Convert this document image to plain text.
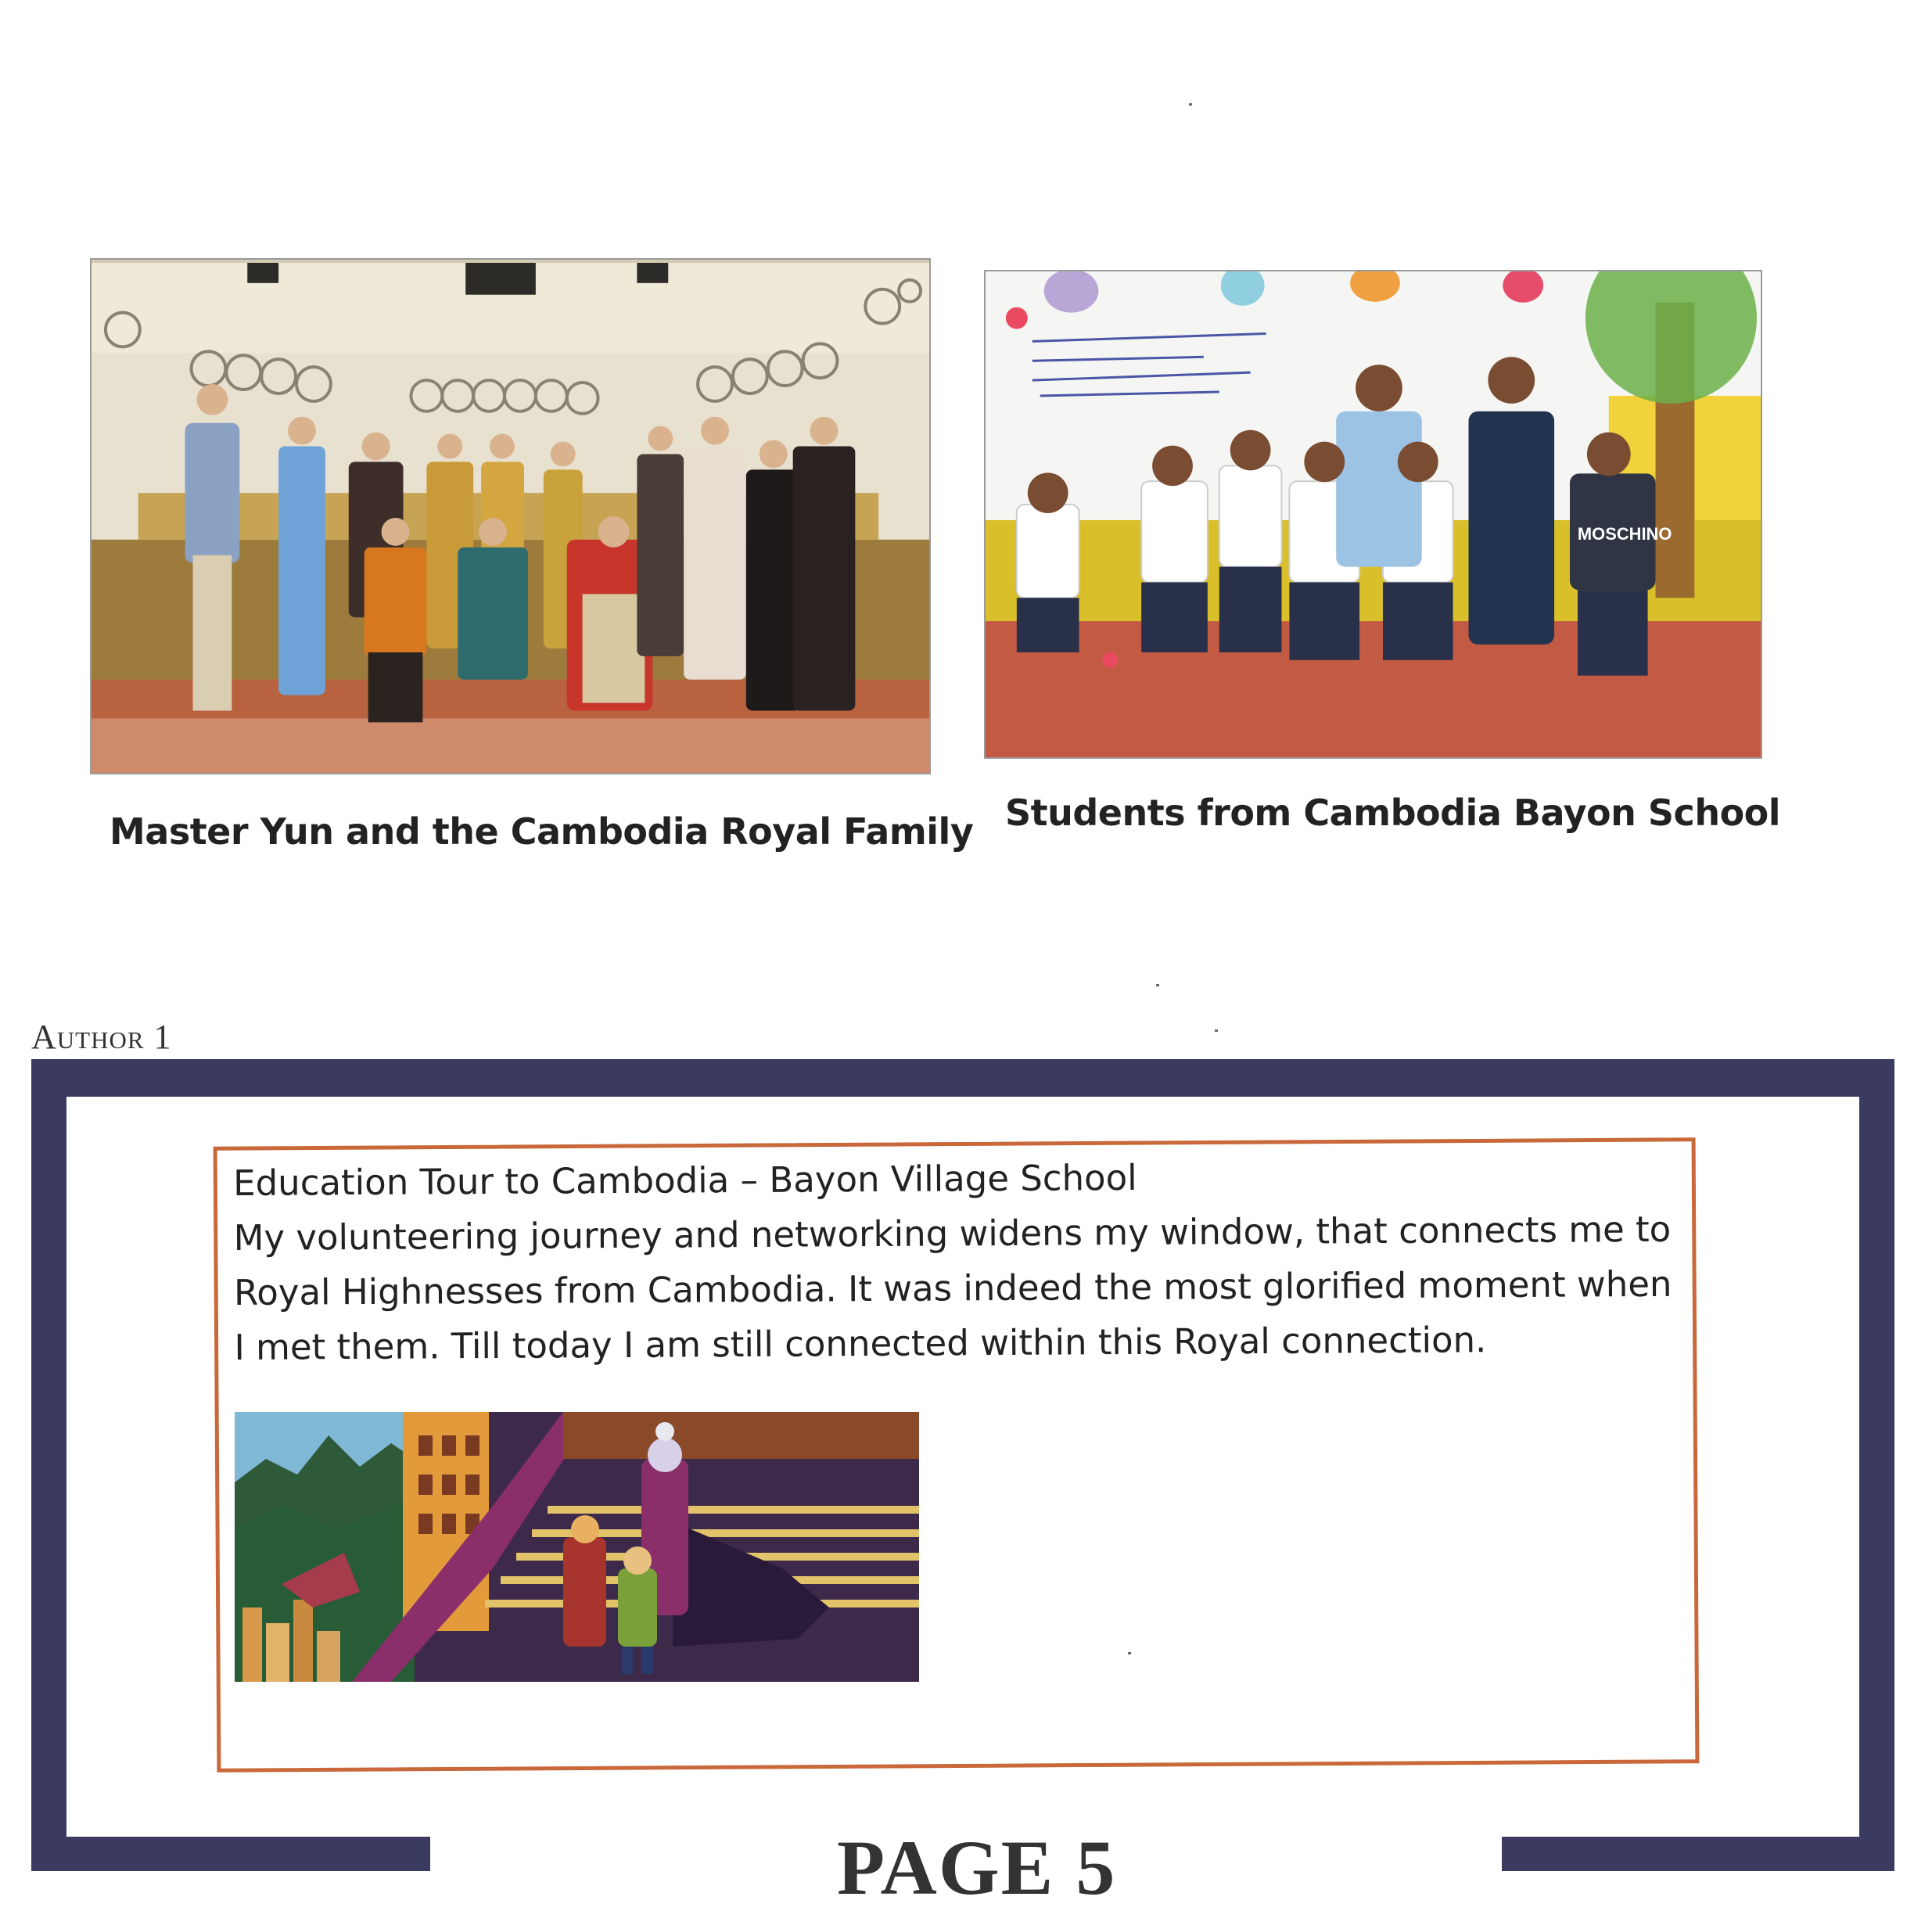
MOSCHINO
Master Yun and the Cambodia Royal Family Students from Cambodia Bayon School
Author 1
Education Tour to Cambodia – Bayon Village School
My volunteering journey and networking widens my window, that connects me to Royal Highnesses from Cambodia. It was indeed the most glorified moment when I met them. Till today I am still connected within this Royal connection.
PAGE 5
